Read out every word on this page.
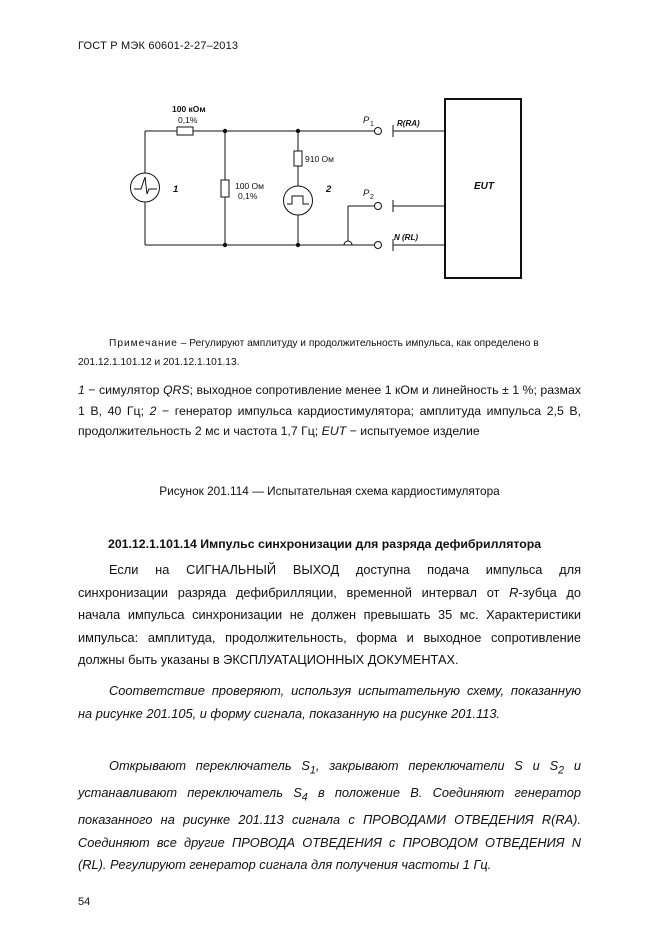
ГОСТ Р МЭК 60601-2-27–2013
100 кОм
0,1%
100 Ом
0,1%
910 Ом
1	2
P 1
P 2
R(RA)
N (RL)
EUT
Примечание – Регулируют амплитуду и продолжительность импульса, как определено в 201.12.1.101.12 и 201.12.1.101.13.
1 − симулятор QRS; выходное сопротивление менее 1 кОм и линейность ± 1 %; размах 1 В, 40 Гц; 2 − генератор импульса кардиостимулятора; амплитуда импульса 2,5 В, продолжительность 2 мс и частота 1,7 Гц; EUT − испытуемое изделие
Рисунок 201.114 — Испытательная схема кардиостимулятора
201.12.1.101.14 Импульс синхронизации для разряда дефибриллятора
Если на СИГНАЛЬНЫЙ ВЫХОД доступна подача импульса для синхронизации разряда дефибрилляции, временной интервал от R-зубца до начала импульса синхронизации не должен превышать 35 мс. Характеристики импульса: амплитуда, продолжительность, форма и выходное сопротивление должны быть указаны в ЭКСПЛУАТАЦИОННЫХ ДОКУМЕНТАХ.
Соответствие проверяют, используя испытательную схему, показанную на рисунке 201.105, и форму сигнала, показанную на рисунке 201.113.
Открывают переключатель $S_1$, закрывают переключатели S и $S_2$ и устанавливают переключатель $S_4$ в положение B. Соединяют генератор показанного на рисунке 201.113 сигнала с ПРОВОДАМИ ОТВЕДЕНИЯ R(RA). Соединяют все другие ПРОВОДА ОТВЕДЕНИЯ с ПРОВОДОМ ОТВЕДЕНИЯ N (RL). Регулируют генератор сигнала для получения частоты 1 Гц.
54
